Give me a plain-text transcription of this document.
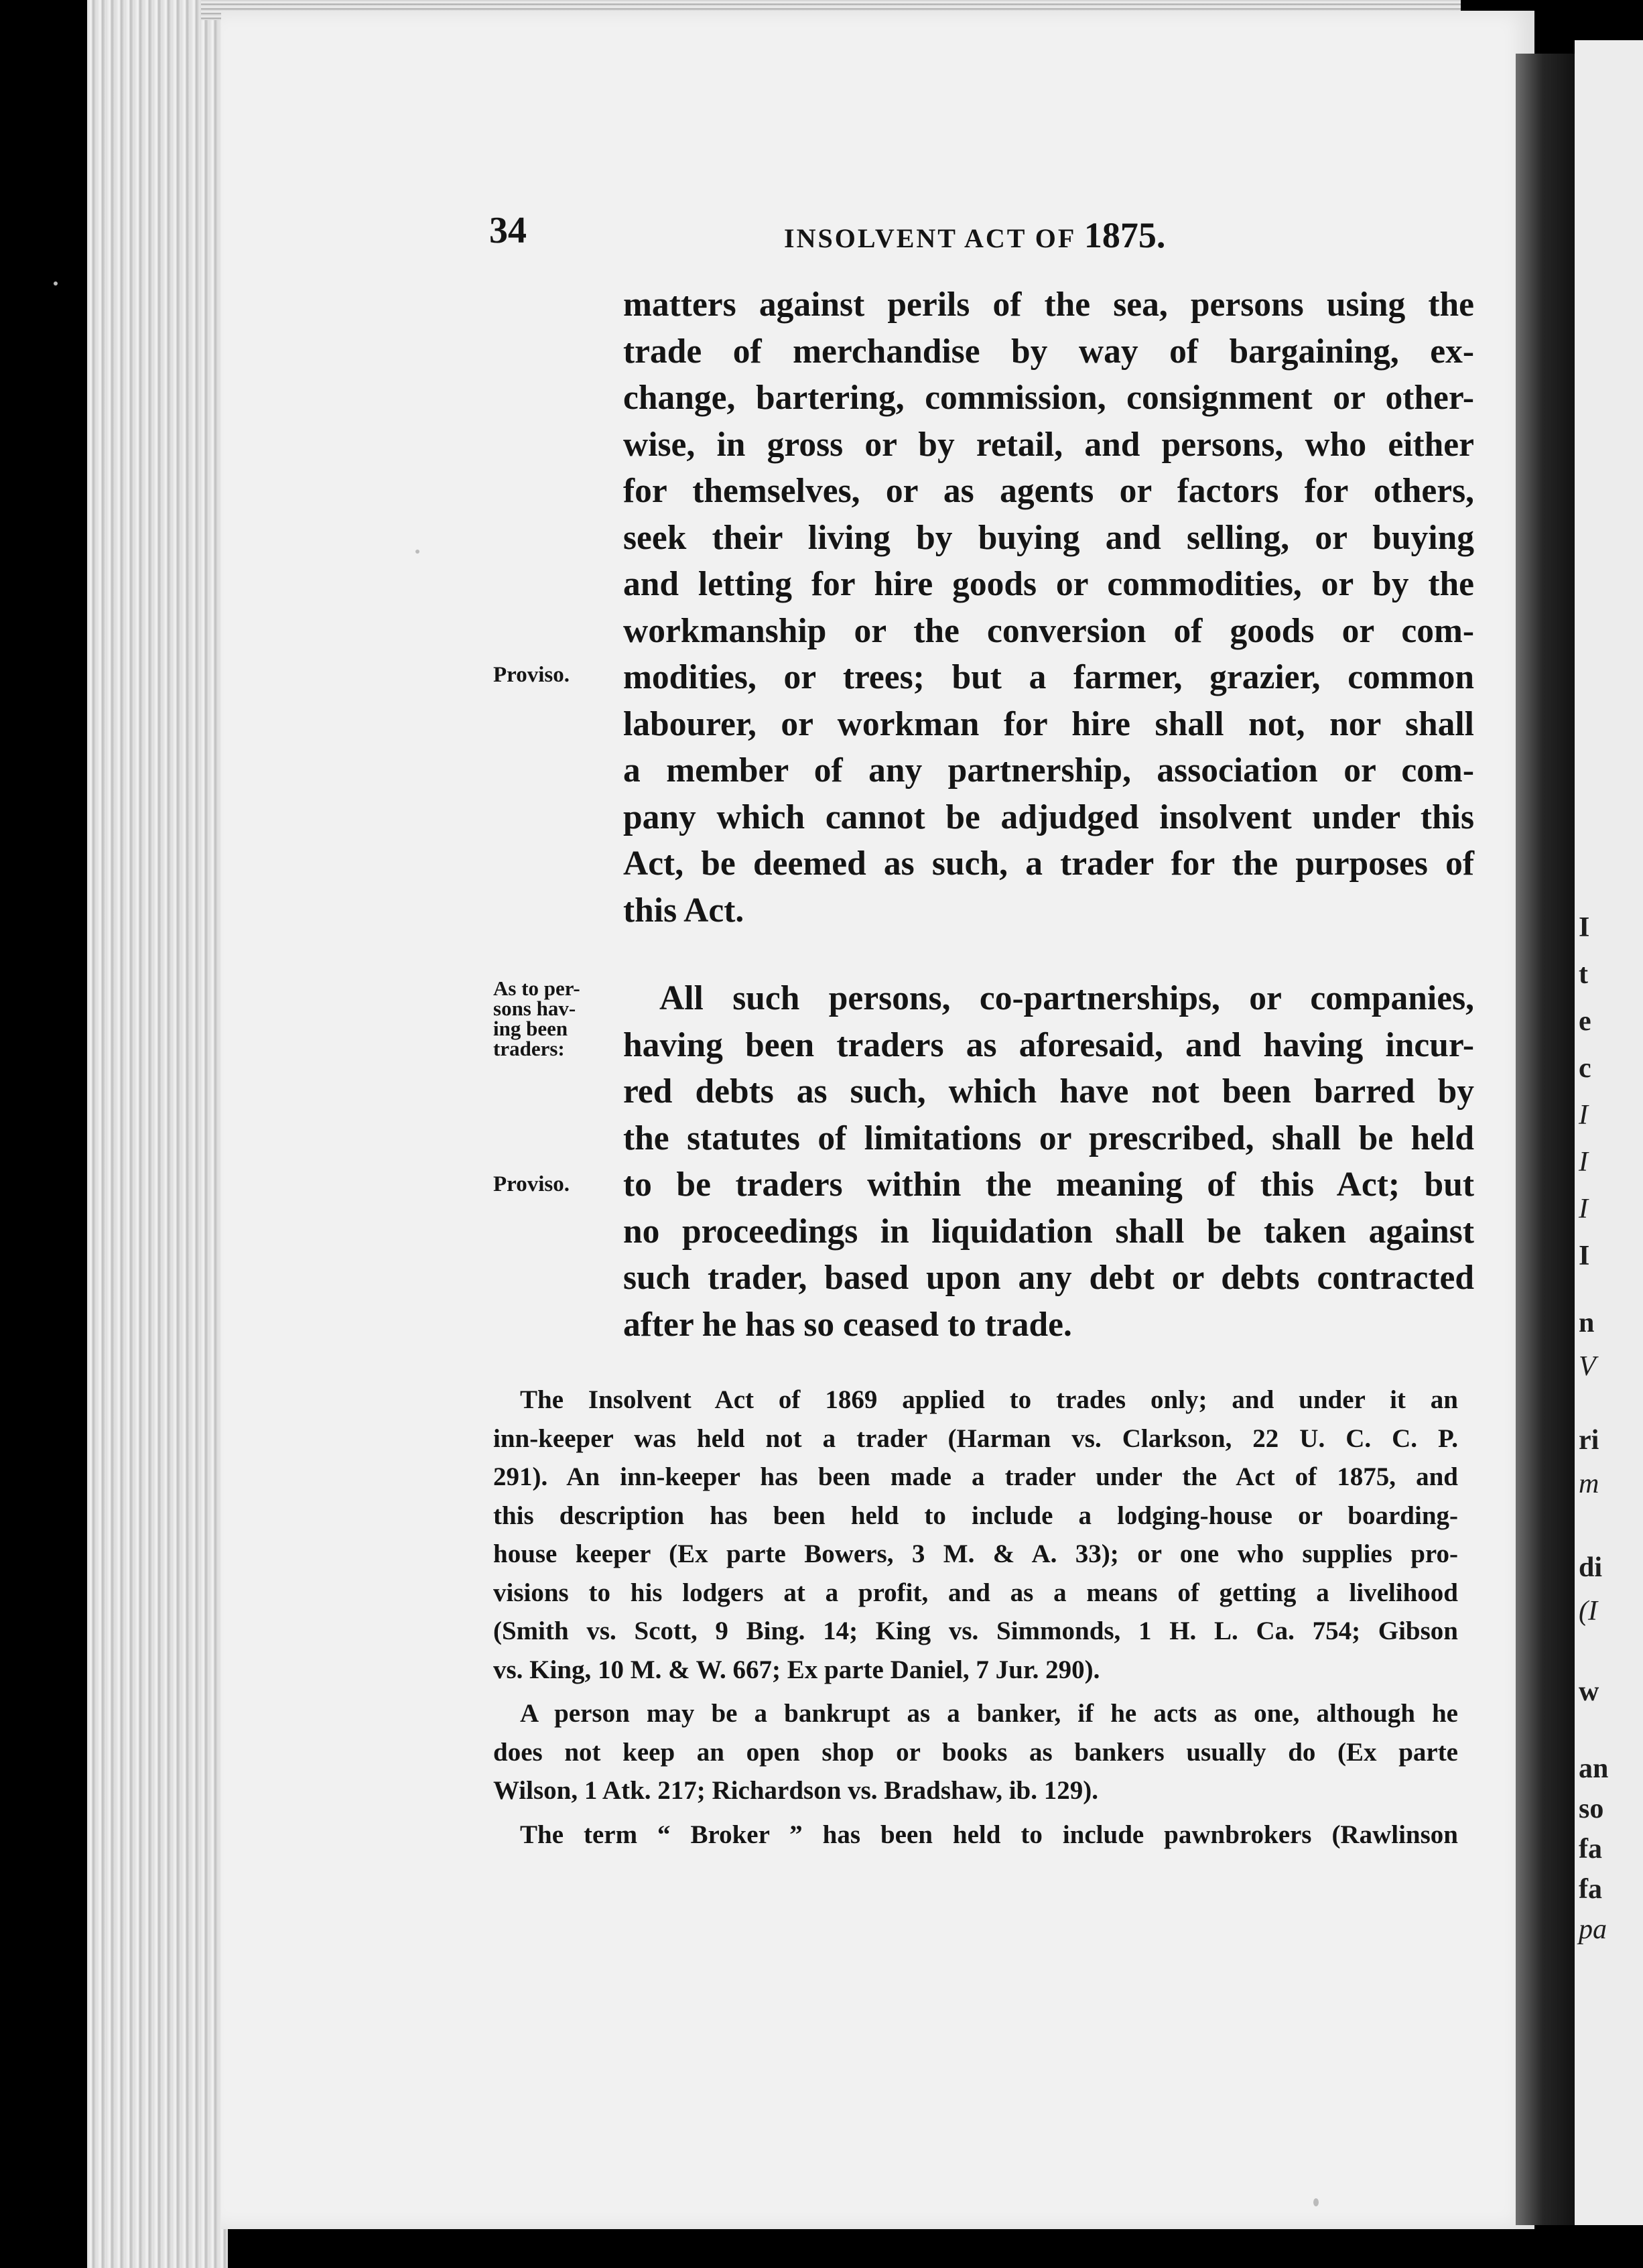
I
t
e
c
I
I
I
I
n
V
ri
m
di
(I
w
an
so
fa
fa
pa
34	INSOLVENT ACT OF 1875.
Proviso.
As to per-
sons hav-
ing been
traders:
Proviso.
matters against perils of the sea, persons using the
trade of merchandise by way of bargaining, ex-
change, bartering, commission, consignment or other-
wise, in gross or by retail, and persons, who either
for themselves, or as agents or factors for others,
seek their living by buying and selling, or buying
and letting for hire goods or commodities, or by the
workmanship or the conversion of goods or com-
modities, or trees; but a farmer, grazier, common
labourer, or workman for hire shall not, nor shall
a member of any partnership, association or com-
pany which cannot be adjudged insolvent under this
Act, be deemed as such, a trader for the purposes of
this Act.
All such persons, co-partnerships, or companies,
having been traders as aforesaid, and having incur-
red debts as such, which have not been barred by
the statutes of limitations or prescribed, shall be held
to be traders within the meaning of this Act; but
no proceedings in liquidation shall be taken against
such trader, based upon any debt or debts contracted
after he has so ceased to trade.
The Insolvent Act of 1869 applied to trades only; and under it an
inn-keeper was held not a trader (Harman vs. Clarkson, 22 U. C. C. P.
291). An inn-keeper has been made a trader under the Act of 1875, and
this description has been held to include a lodging-house or boarding-
house keeper (Ex parte Bowers, 3 M. & A. 33); or one who supplies pro-
visions to his lodgers at a profit, and as a means of getting a livelihood
(Smith vs. Scott, 9 Bing. 14; King vs. Simmonds, 1 H. L. Ca. 754; Gibson
vs. King, 10 M. & W. 667; Ex parte Daniel, 7 Jur. 290).
A person may be a bankrupt as a banker, if he acts as one, although he
does not keep an open shop or books as bankers usually do (Ex parte
Wilson, 1 Atk. 217; Richardson vs. Bradshaw, ib. 129).
The term “ Broker ” has been held to include pawnbrokers (Rawlinson
